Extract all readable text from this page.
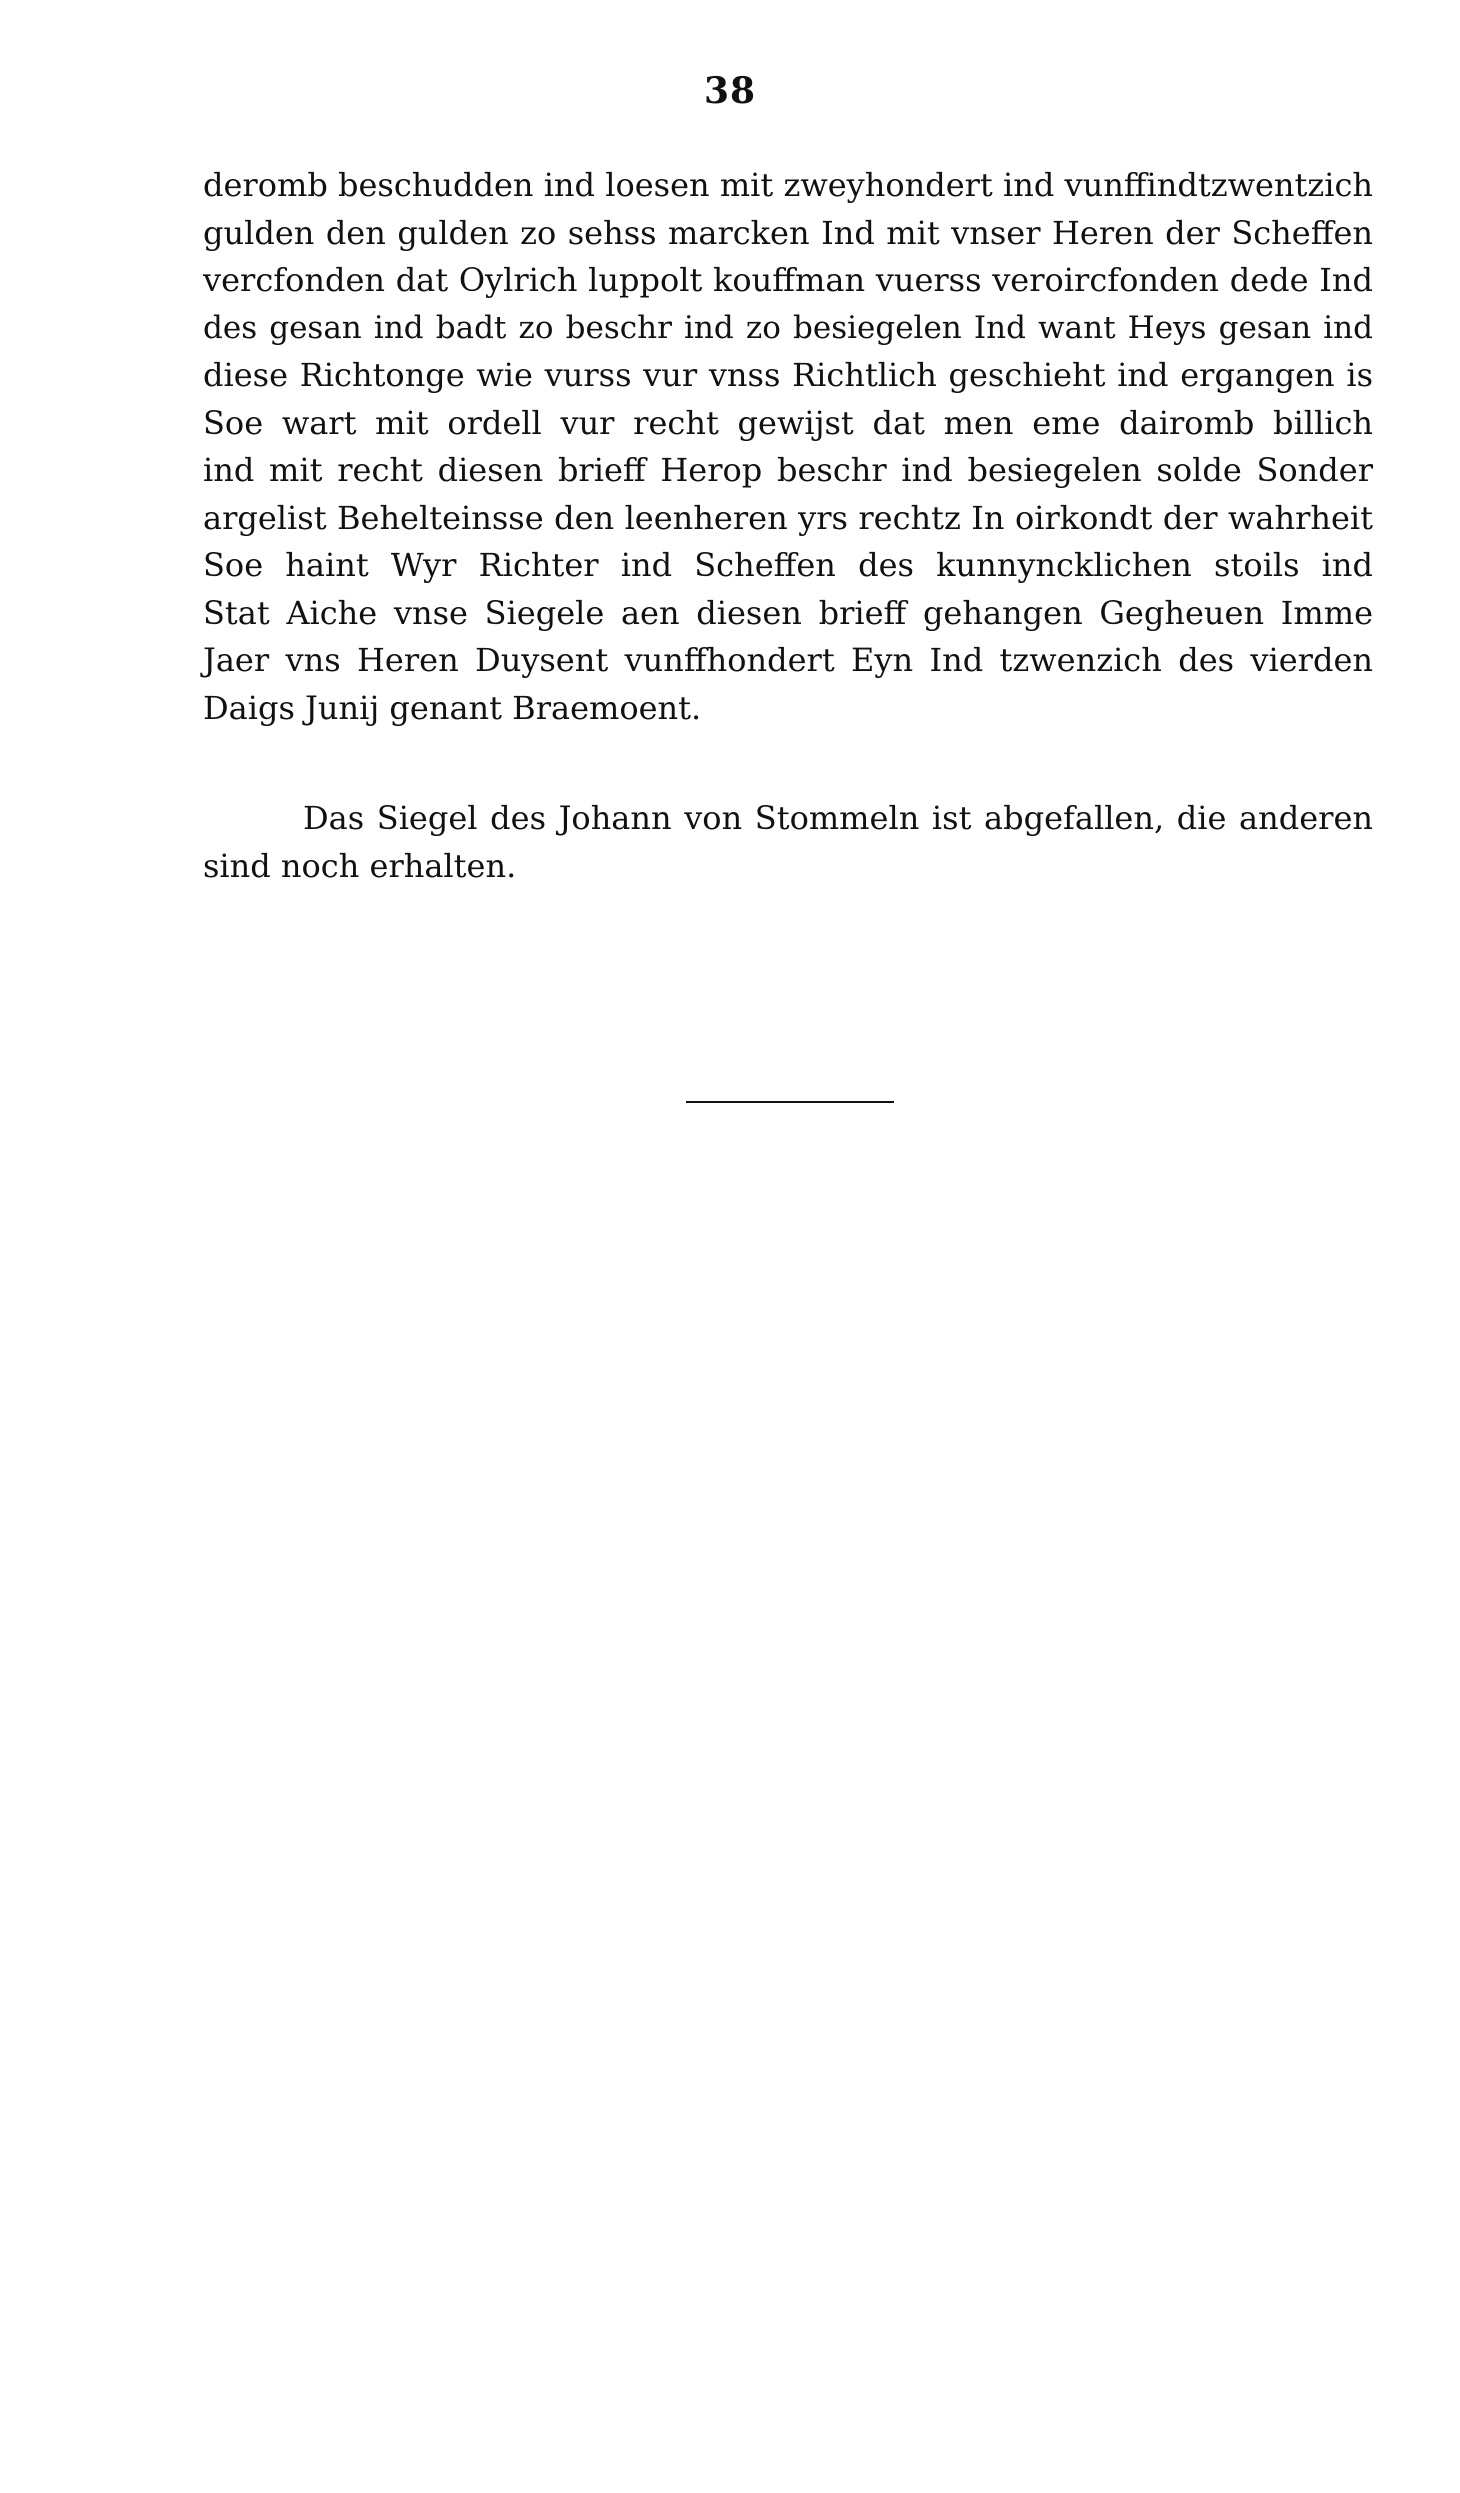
38
deromb beschudden ind loesen mit zweyhondert ind vunffindtzwentzich
gulden den gulden zo sehss marcken Ind mit vnser Heren der Scheffen
vercfonden dat Oylrich luppolt kouffman vuerss veroircfonden dede Ind
des gesan ind badt zo beschr ind zo besiegelen Ind want Heys gesan ind
diese Richtonge wie vurss vur vnss Richtlich geschieht ind ergangen is
Soe wart mit ordell vur recht gewijst dat men eme dairomb billich
ind mit recht diesen brieff Herop beschr ind besiegelen solde Sonder
argelist Behelteinsse den leenheren yrs rechtz In oirkondt der wahrheit
Soe haint Wyr Richter ind Scheffen des kunnyncklichen stoils ind
Stat Aiche vnse Siegele aen diesen brieff gehangen Gegheuen Imme
Jaer vns Heren Duysent vunffhondert Eyn Ind tzwenzich des vierden
Daigs Junij genant Braemoent.
Das Siegel des Johann von Stommeln ist abgefallen, die anderen
sind noch erhalten.
